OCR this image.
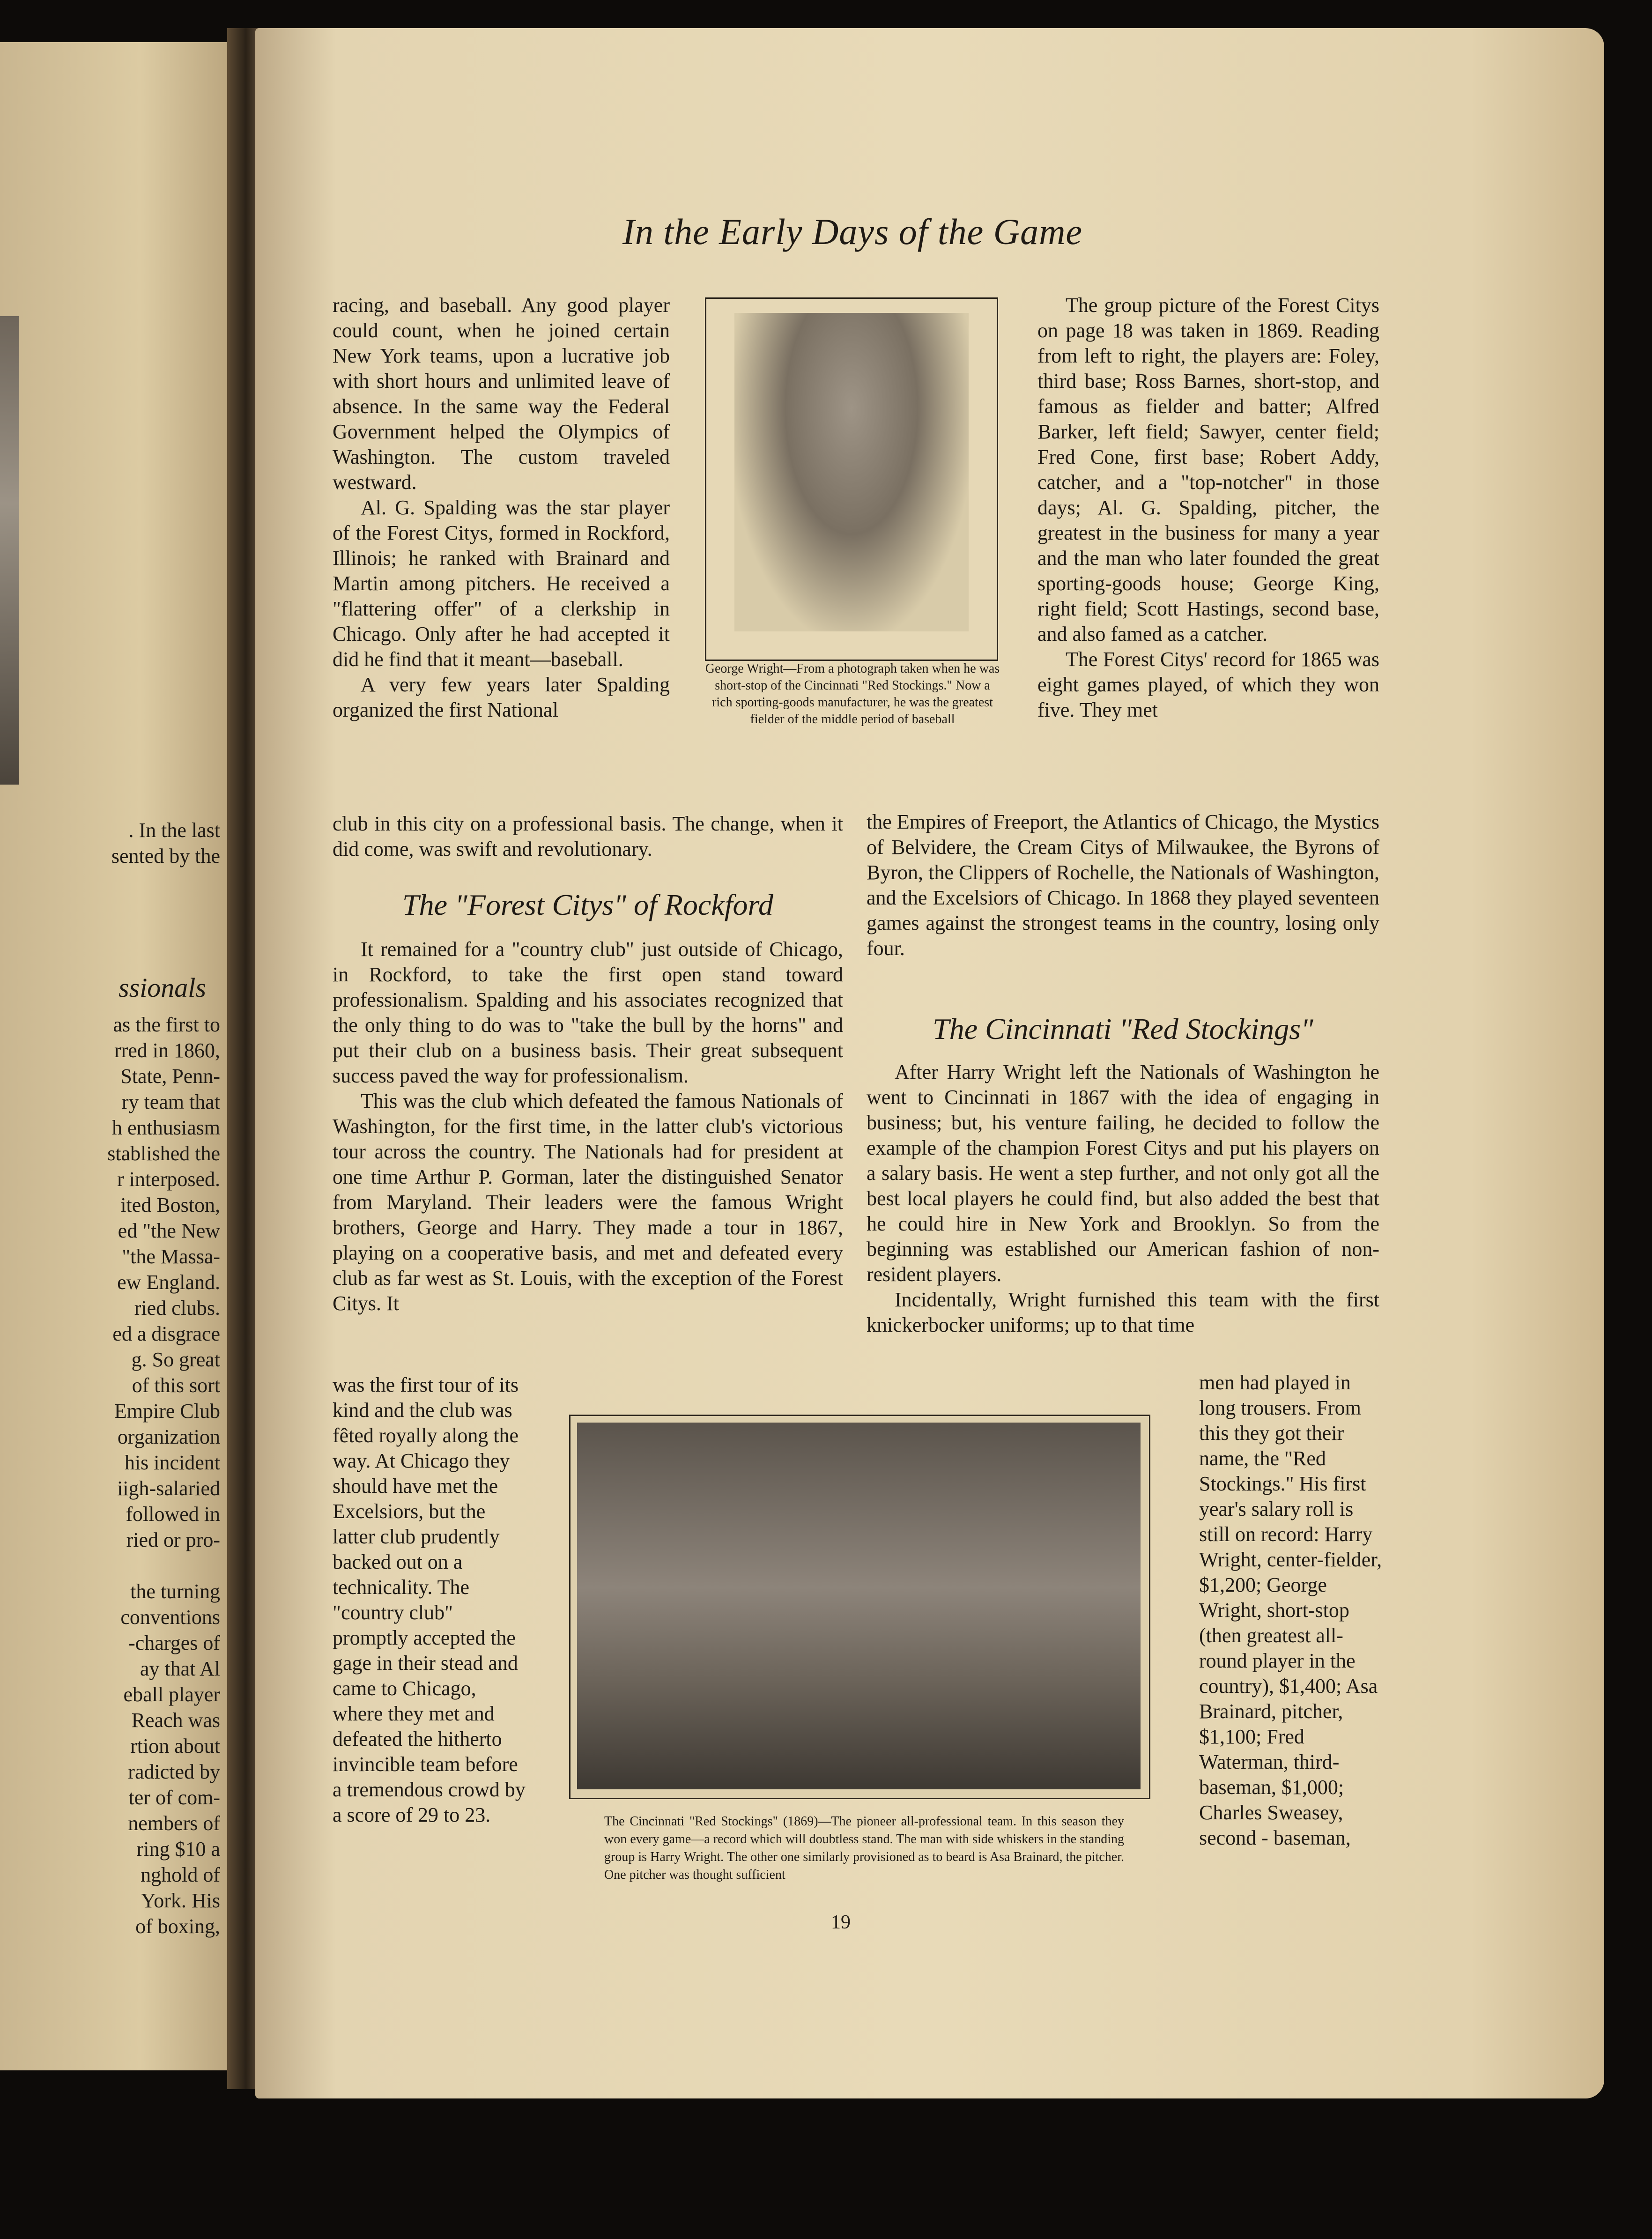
. In the last
sented by the
ssionals
as the first to
rred in 1860,
State, Penn-
ry team that
h enthusiasm
stablished the
r interposed.
ited Boston,
ed "the New
"the Massa-
ew England.
ried clubs.
ed a disgrace
g. So great
of this sort
Empire Club
organization
his incident
iigh-salaried
followed in
ried or pro-
the turning
conventions
-charges of
ay that Al
eball player
Reach was
rtion about
radicted by
ter of com-
nembers of
ring $10 a
nghold of
York. His
of boxing,
In the Early Days of the Game

racing, and baseball. Any good player could count, when he joined certain New York teams, upon a lucrative job with short hours and unlimited leave of absence. In the same way the Federal Government helped the Olympics of Washington. The custom traveled westward.

Al. G. Spalding was the star player of the Forest Citys, formed in Rockford, Illinois; he ranked with Brainard and Martin among pitchers. He received a "flattering offer" of a clerkship in Chicago. Only after he had accepted it did he find that it meant—baseball.

A very few years later Spalding organized the first National

club in this city on a professional basis. The change, when it did come, was swift and revolutionary.

The "Forest Citys" of Rockford

It remained for a "country club" just outside of Chicago, in Rockford, to take the first open stand toward professionalism. Spalding and his associates recognized that the only thing to do was to "take the bull by the horns" and put their club on a business basis. Their great subsequent success paved the way for professionalism.

This was the club which defeated the famous Nationals of Washington, for the first time, in the latter club's victorious tour across the country. The Nationals had for president at one time Arthur P. Gorman, later the distinguished Senator from Maryland. Their leaders were the famous Wright brothers, George and Harry. They made a tour in 1867, playing on a cooperative basis, and met and defeated every club as far west as St. Louis, with the exception of the Forest Citys. It

was the first tour of its kind and the club was fêted royally along the way. At Chicago they should have met the Excelsiors, but the latter club prudently backed out on a technicality. The "country club" promptly accepted the gage in their stead and came to Chicago, where they met and defeated the hitherto invincible team before a tremendous crowd by a score of 29 to 23.

George Wright—From a photograph taken when he was short-stop of the Cincinnati "Red Stockings." Now a rich sporting-goods manufacturer, he was the greatest fielder of the middle period of baseball

The group picture of the Forest Citys on page 18 was taken in 1869. Reading from left to right, the players are: Foley, third base; Ross Barnes, short-stop, and famous as fielder and batter; Alfred Barker, left field; Sawyer, center field; Fred Cone, first base; Robert Addy, catcher, and a "top-notcher" in those days; Al. G. Spalding, pitcher, the greatest in the business for many a year and the man who later founded the great sporting-goods house; George King, right field; Scott Hastings, second base, and also famed as a catcher.

The Forest Citys' record for 1865 was eight games played, of which they won five. They met

the Empires of Freeport, the Atlantics of Chicago, the Mystics of Belvidere, the Cream Citys of Milwaukee, the Byrons of Byron, the Clippers of Rochelle, the Nationals of Washington, and the Excelsiors of Chicago. In 1868 they played seventeen games against the strongest teams in the country, losing only four.

The Cincinnati "Red Stockings"

After Harry Wright left the Nationals of Washington he went to Cincinnati in 1867 with the idea of engaging in business; but, his venture failing, he decided to follow the example of the champion Forest Citys and put his players on a salary basis. He went a step further, and not only got all the best local players he could find, but also added the best that he could hire in New York and Brooklyn. So from the beginning was established our American fashion of non-resident players.

Incidentally, Wright furnished this team with the first knickerbocker uniforms; up to that time

men had played in long trousers. From this they got their name, the "Red Stockings." His first year's salary roll is still on record: Harry Wright, center-fielder, $1,200; George Wright, short-stop (then greatest all-round player in the country), $1,400; Asa Brainard, pitcher, $1,100; Fred Waterman, third-baseman, $1,000; Charles Sweasey, second - baseman,

The Cincinnati "Red Stockings" (1869)—The pioneer all-professional team. In this season they won every game—a record which will doubtless stand. The man with side whiskers in the standing group is Harry Wright. The other one similarly provisioned as to beard is Asa Brainard, the pitcher. One pitcher was thought sufficient
19
